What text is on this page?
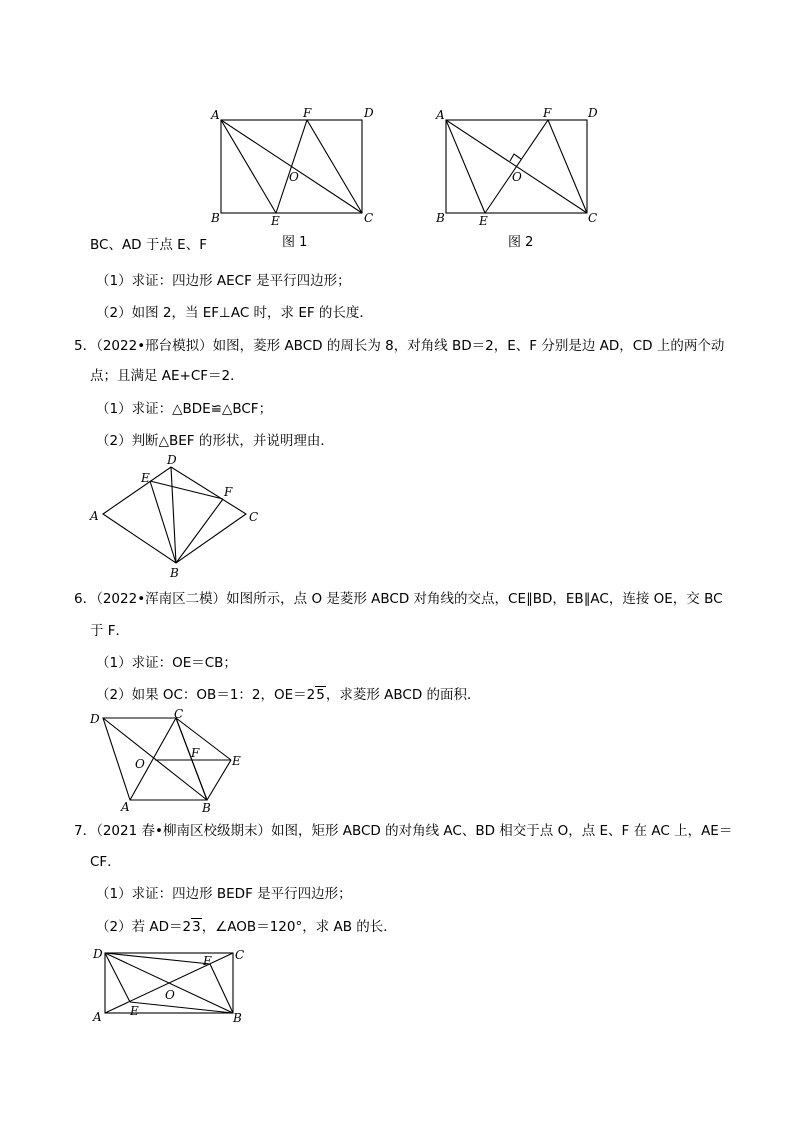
A
B	C
D
E
F
O
图 1
A
B	C
D
E
F
O
图 2
BC、AD 于点 E、F
（1）求证：四边形 AECF 是平行四边形；
（2）如图 2，当 EF⊥AC 时，求 EF 的长度．
5．（2022•邢台模拟）如图，菱形 ABCD 的周长为 8，对角线 BD＝2，E、F 分别是边 AD，CD 上的两个动
点；且满足 AE+CF＝2．
（1）求证：△BDE≌△BCF；
（2）判断△BEF 的形状，并说明理由．
A
B
C
D
E
F
6．（2022•浑南区二模）如图所示，点 O 是菱形 ABCD 对角线的交点，CE∥BD，EB∥AC，连接 OE，交 BC
于 F．
（1）求证：OE＝CB；
（2）如果 OC：OB＝1：2，OE＝25，求菱形 ABCD 的面积．
D	C
F
O	E
A	B
7．（2021 春•柳南区校级期末）如图，矩形 ABCD 的对角线 AC、BD 相交于点 O，点 E、F 在 AC 上，AE＝
CF．
（1）求证：四边形 BEDF 是平行四边形；
（2）若 AD＝23，∠AOB＝120°，求 AB 的长．
D	C
F
O
E
A	B
